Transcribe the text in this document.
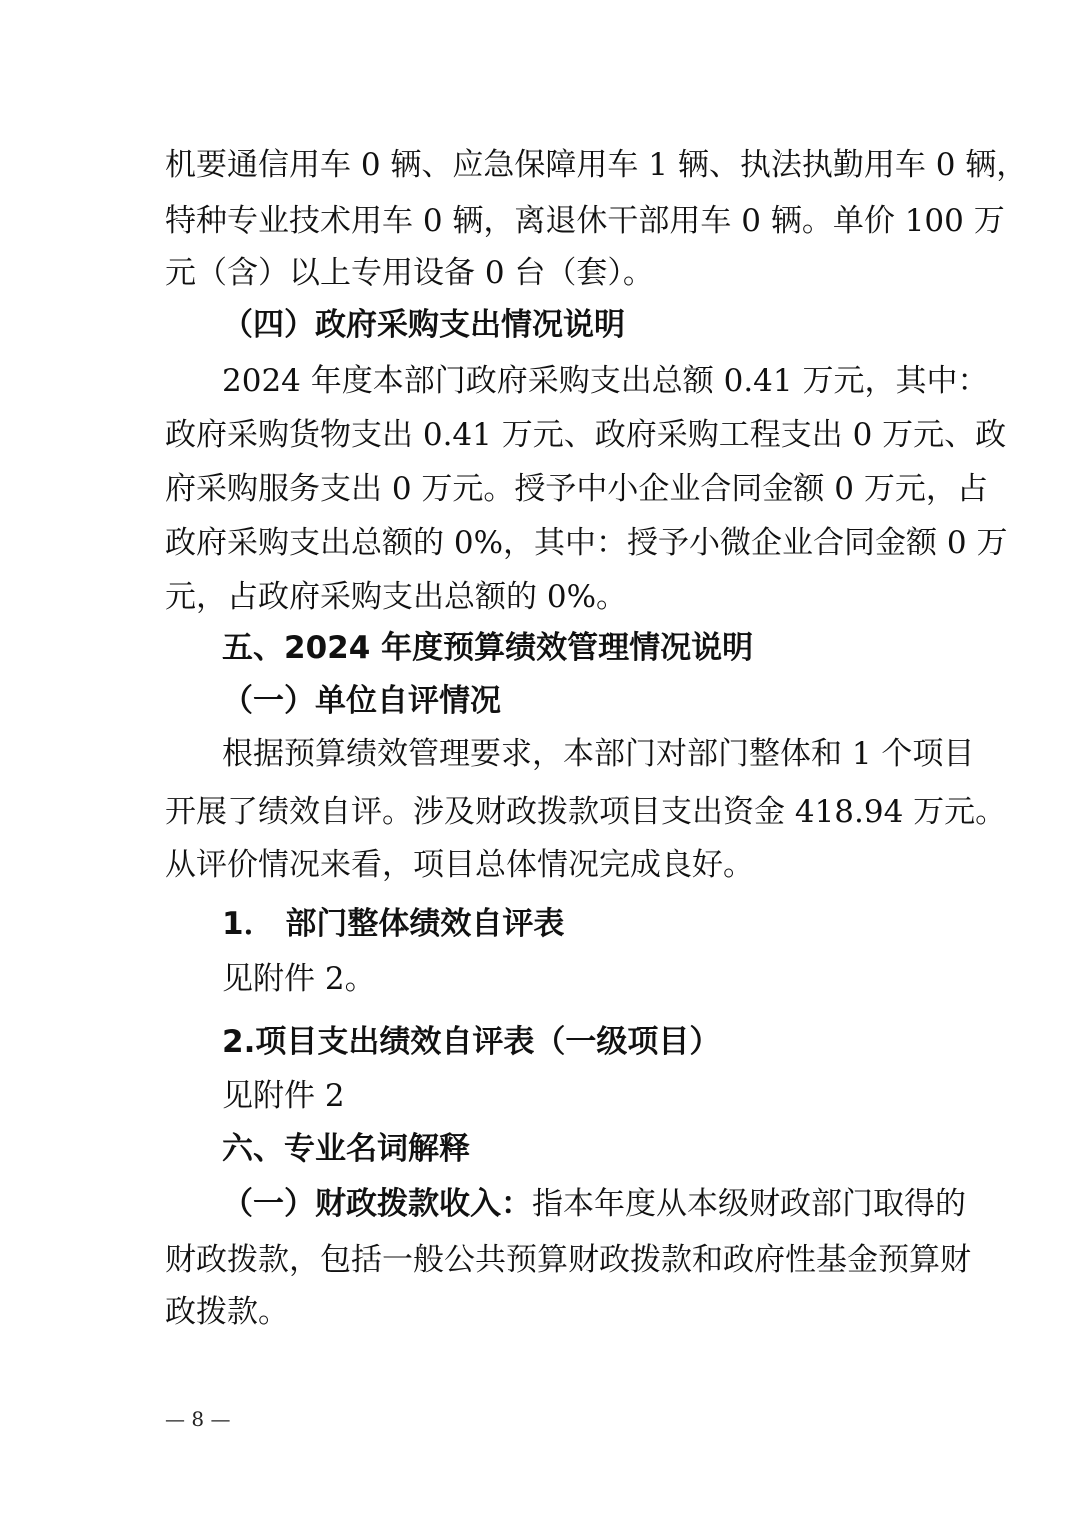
机要通信用车 0 辆、应急保障用车 1 辆、执法执勤用车 0 辆，
特种专业技术用车 0 辆，离退休干部用车 0 辆。单价 100 万
元（含）以上专用设备 0 台（套）。
（四）政府采购支出情况说明
2024 年度本部门政府采购支出总额 0.41 万元，其中：
政府采购货物支出 0.41 万元、政府采购工程支出 0 万元、政
府采购服务支出 0 万元。授予中小企业合同金额 0 万元，占
政府采购支出总额的 0%，其中：授予小微企业合同金额 0 万
元，占政府采购支出总额的 0%。
五、2024 年度预算绩效管理情况说明
（一）单位自评情况
根据预算绩效管理要求，本部门对部门整体和 1 个项目
开展了绩效自评。涉及财政拨款项目支出资金 418.94 万元。
从评价情况来看，项目总体情况完成良好。
1． 部门整体绩效自评表
见附件 2。
2.项目支出绩效自评表（一级项目）
见附件 2
六、专业名词解释
（一）财政拨款收入：指本年度从本级财政部门取得的
财政拨款，包括一般公共预算财政拨款和政府性基金预算财
政拨款。
— 8 —
